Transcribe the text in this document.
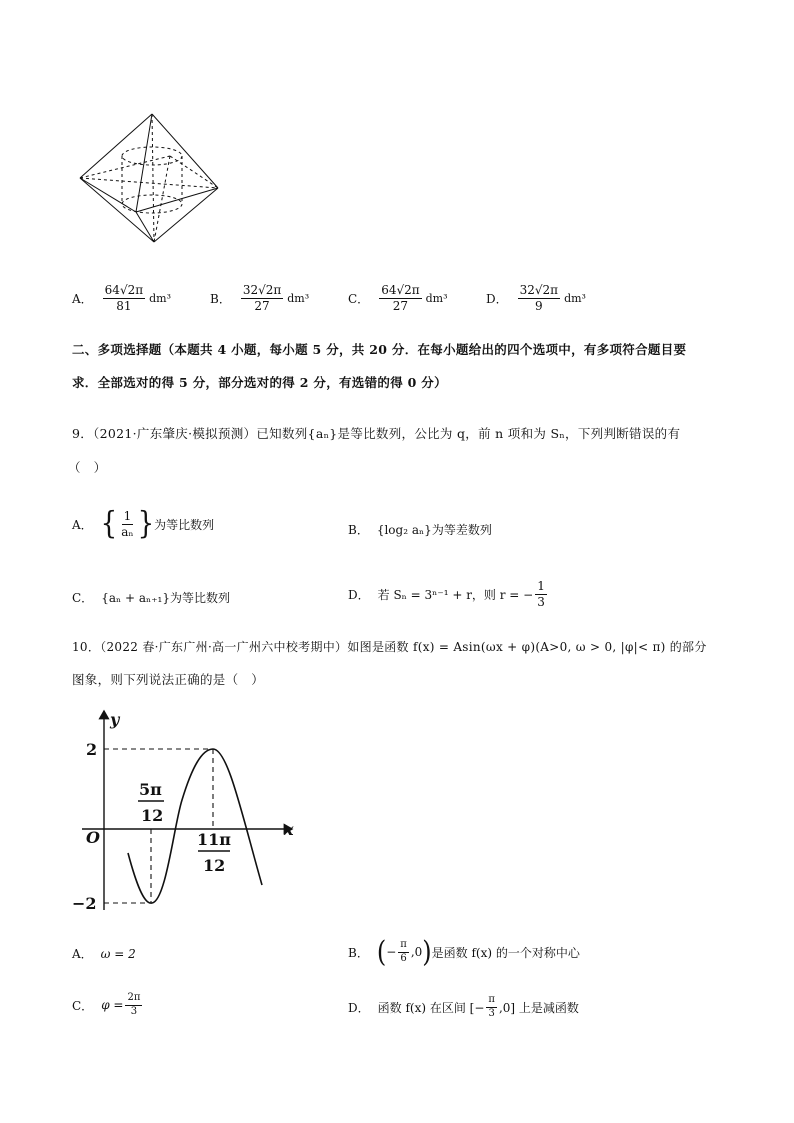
A． $\frac{64√2\pi}{81} dm^3$	B． $\frac{32√2\pi}{27} dm^3$	C． $\frac{64√2\pi}{27} dm^3$	D． $\frac{32√2\pi}{9} dm^3$
二、多项选择题（本题共 4 小题，每小题 5 分，共 20 分．在每小题给出的四个选项中，有多项符合题目要
求．全部选对的得 5 分，部分选对的得 2 分，有选错的得 0 分）
9．（2021·广东肇庆·模拟预测）已知数列{aₙ}是等比数列，公比为 q，前 n 项和为 Sₙ，下列判断错误的有
（　）
A． { $\frac{1}{\text{aₙ}}$ } 为等比数列	B． {log₂ aₙ} 为等差数列
C． {aₙ + aₙ₊₁} 为等比数列	D． 若 Sₙ = 3ⁿ⁻¹ + r，则 r = − $\frac{1}{3}$
10．（2022 春·广东广州·高一广州六中校考期中）如图是函数 f(x) = Asin(ωx + φ)(A>0, ω > 0, |φ|< π) 的部分
图象，则下列说法正确的是（　）
y
x
O
2
−2
5π
12
11π
12
A． ω = 2	B． ( − $\frac{\pi}{6} ,0$ ) 是函数 f(x) 的一个对称中心
C． $\varphi = \frac{2\pi}{3}$	D． 函数 f(x) 在区间 [− $\frac{\pi}{3} ,0$] 上是减函数
